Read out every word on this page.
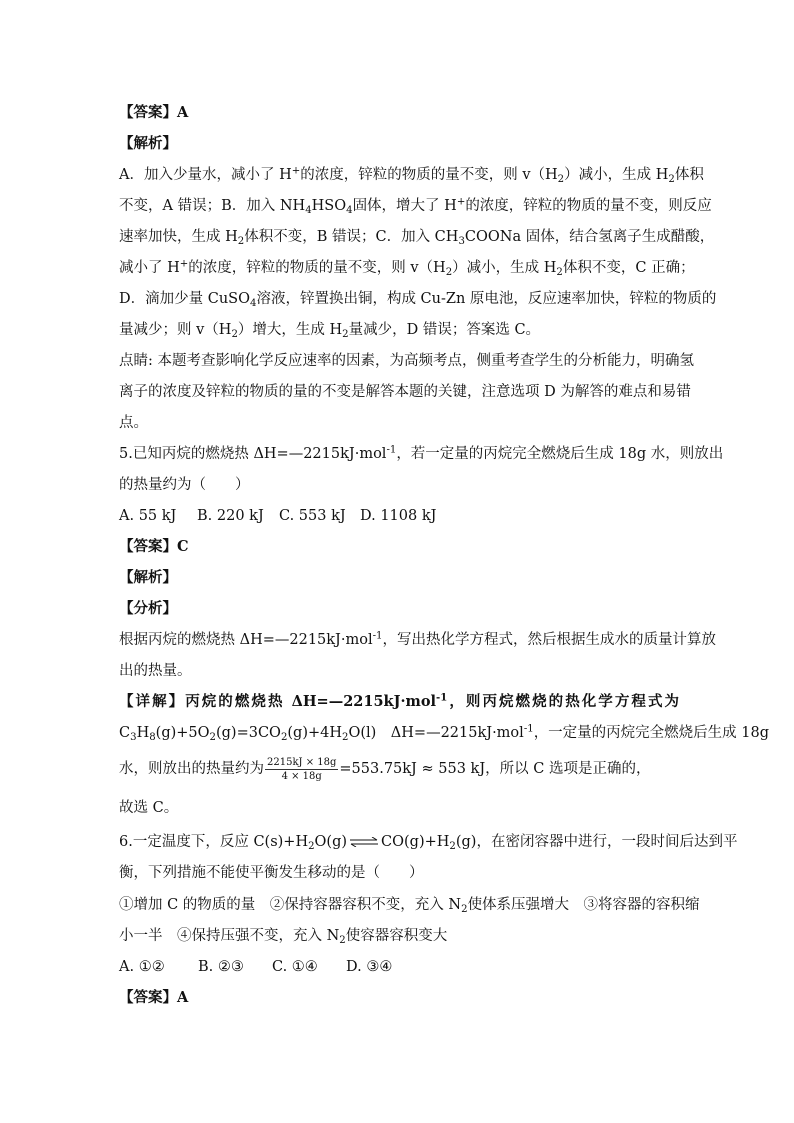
【答案】A
【解析】
A．加入少量水，减小了 H+的浓度，锌粒的物质的量不变，则 $v(H_2)$减小，生成 $H_2$体积
不变，A 错误；B．加入 $NH_4HSO_4$固体，增大了 H+的浓度，锌粒的物质的量不变，则反应
速率加快，生成 $H_2$体积不变，B 错误；C．加入 $CH_3COONa$ 固体，结合氢离子生成醋酸，
减小了 H+的浓度，锌粒的物质的量不变，则 $v(H_2)$减小，生成 $H_2$体积不变，C 正确；
D．滴加少量 CuSO$_4$溶液，锌置换出铜，构成 Cu-Zn 原电池，反应速率加快，锌粒的物质的
量减少；则 $v(H_2)$增大，生成 $H_2$量减少，D 错误；答案选 C。
点睛: 本题考查影响化学反应速率的因素，为高频考点，侧重考查学生的分析能力，明确氢
离子的浓度及锌粒的物质的量的不变是解答本题的关键，注意选项 D 为解答的难点和易错
点。
5.已知丙烷的燃烧热 ΔH=—2215kJ·mol$^{-1}$，若一定量的丙烷完全燃烧后生成 18g 水，则放出
的热量约为（　　）
A. 55 kJ B. 220 kJ C. 553 kJ D. 1108 kJ
【答案】C
【解析】
【分析】
根据丙烷的燃烧热 ΔH=—2215kJ·mol$^{-1}$，写出热化学方程式，然后根据生成水的质量计算放
出的热量。
【详解】丙烷的燃烧热 ΔH=—2215kJ·mol$^{-1}$，则丙烷燃烧的热化学方程式为
$C_3H_8(g)+5O_2(g)=3CO_2(g)+4H_2O(l)$　ΔH=—2215kJ·mol$^{-1}$，一定量的丙烷完全燃烧后生成 18g
水，则放出的热量约为 $\frac{2215kJ \times 18g}{4 \times 18g} =553.75kJ \approx 553$ kJ，所以 C 选项是正确的，
故选 C。
6.一定温度下，反应 $C(s)+H_2O(g)$ ⇌ $CO(g)+H_2(g)$，在密闭容器中进行，一段时间后达到平
衡，下列措施不能使平衡发生移动的是（　　）
①增加 C 的物质的量　②保持容器容积不变，充入 $N_2$使体系压强增大　③将容器的容积缩
小一半　④保持压强不变，充入 $N_2$使容器容积变大
A. ①② B. ②③ C. ①④ D. ③④
【答案】A
